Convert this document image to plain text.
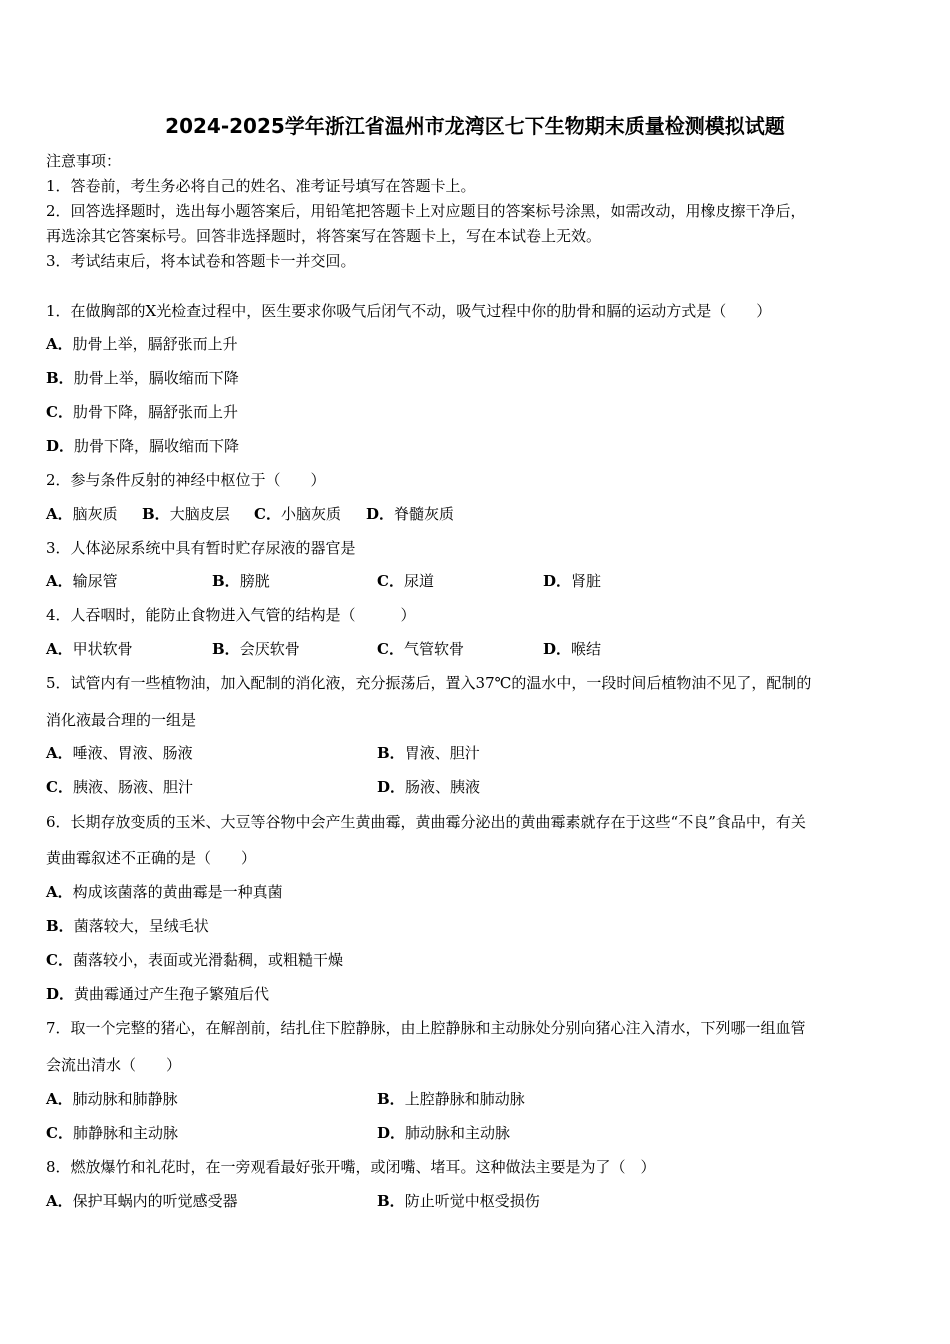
2024-2025学年浙江省温州市龙湾区七下生物期末质量检测模拟试题
注意事项：
1．答卷前，考生务必将自己的姓名、准考证号填写在答题卡上。
2．回答选择题时，选出每小题答案后，用铅笔把答题卡上对应题目的答案标号涂黑，如需改动，用橡皮擦干净后，
再选涂其它答案标号。回答非选择题时，将答案写在答题卡上，写在本试卷上无效。
3．考试结束后，将本试卷和答题卡一并交回。
1．在做胸部的X光检查过程中，医生要求你吸气后闭气不动，吸气过程中你的肋骨和膈的运动方式是（　　）
A．肋骨上举，膈舒张而上升
B．肋骨上举，膈收缩而下降
C．肋骨下降，膈舒张而上升
D．肋骨下降，膈收缩而下降
2．参与条件反射的神经中枢位于（　　）
A．脑灰质 B．大脑皮层 C．小脑灰质 D．脊髓灰质
3．人体泌尿系统中具有暂时贮存尿液的器官是
A．输尿管	B．膀胱	C．尿道	D．肾脏
4．人吞咽时，能防止食物进入气管的结构是（　　　）
A．甲状软骨	B．会厌软骨	C．气管软骨	D．喉结
5．试管内有一些植物油，加入配制的消化液，充分振荡后，置入37℃的温水中，一段时间后植物油不见了，配制的
消化液最合理的一组是
A．唾液、胃液、肠液	B．胃液、胆汁
C．胰液、肠液、胆汁	D．肠液、胰液
6．长期存放变质的玉米、大豆等谷物中会产生黄曲霉，黄曲霉分泌出的黄曲霉素就存在于这些“不良”食品中，有关
黄曲霉叙述不正确的是（　　）
A．构成该菌落的黄曲霉是一种真菌
B．菌落较大，呈绒毛状
C．菌落较小，表面或光滑黏稠，或粗糙干燥
D．黄曲霉通过产生孢子繁殖后代
7．取一个完整的猪心，在解剖前，结扎住下腔静脉，由上腔静脉和主动脉处分别向猪心注入清水，下列哪一组血管
会流出清水（　　）
A．肺动脉和肺静脉	B．上腔静脉和肺动脉
C．肺静脉和主动脉	D．肺动脉和主动脉
8．燃放爆竹和礼花时，在一旁观看最好张开嘴，或闭嘴、堵耳。这种做法主要是为了（　）
A．保护耳蜗内的听觉感受器	B．防止听觉中枢受损伤
